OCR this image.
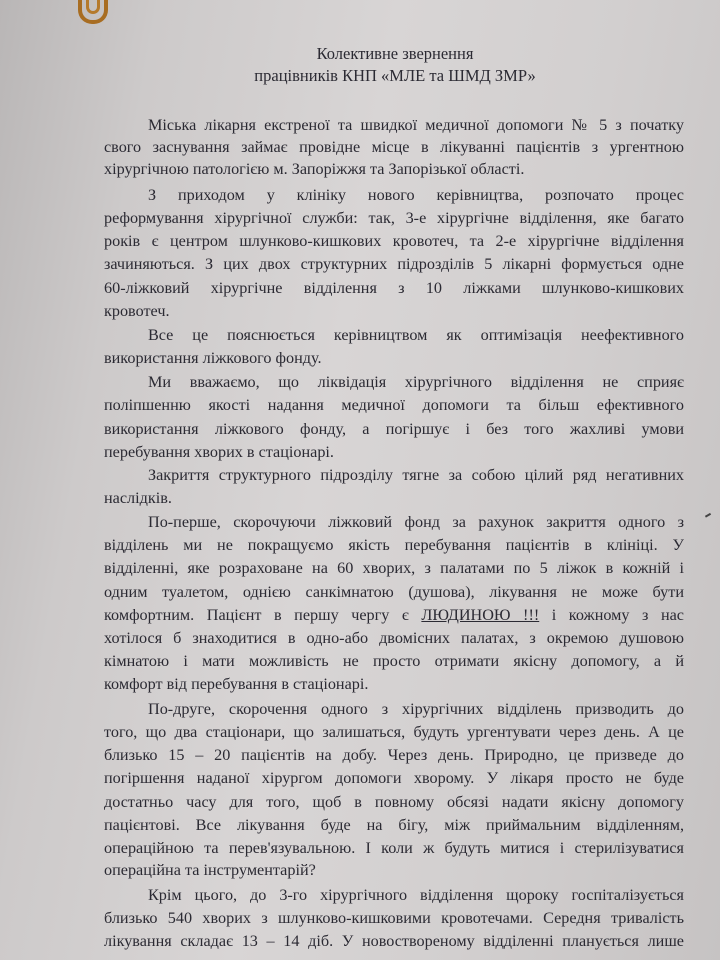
Колективне звернення
працівників КНП «МЛЕ та ШМД ЗМР»
Міська лікарня екстреної та швидкої медичної допомоги № 5 з початку
свого заснування займає провідне місце в лікуванні пацієнтів з ургентною
хірургічною патологією м. Запоріжжя та Запорізької області.
З приходом у клініку нового керівництва, розпочато процес
реформування хірургічної служби: так, 3-е хірургічне відділення, яке багато
років є центром шлунково-кишкових кровотеч, та 2-е хірургічне відділення
зачиняються. З цих двох структурних підрозділів 5 лікарні формується одне
60-ліжковий хірургічне відділення з 10 ліжками шлунково-кишкових
кровотеч.
Все це пояснюється керівництвом як оптимізація неефективного
використання ліжкового фонду.
Ми вважаємо, що ліквідація хірургічного відділення не сприяє
поліпшенню якості надання медичної допомоги та більш ефективного
використання ліжкового фонду, а погіршує і без того жахливі умови
перебування хворих в стаціонарі.
Закриття структурного підрозділу тягне за собою цілий ряд негативних
наслідків.
По-перше, скорочуючи ліжковий фонд за рахунок закриття одного з
відділень ми не покращуємо якість перебування пацієнтів в клініці. У
відділенні, яке розраховане на 60 хворих, з палатами по 5 ліжок в кожній і
одним туалетом, однією санкімнатою (душова), лікування не може бути
комфортним. Пацієнт в першу чергу є ЛЮДИНОЮ !!! і кожному з нас
хотілося б знаходитися в одно-або двомісних палатах, з окремою душовою
кімнатою і мати можливість не просто отримати якісну допомогу, а й
комфорт від перебування в стаціонарі.
По-друге, скорочення одного з хірургічних відділень призводить до
того, що два стаціонари, що залишаться, будуть ургентувати через день. А це
близько 15 – 20 пацієнтів на добу. Через день. Природно, це призведе до
погіршення наданої хірургом допомоги хворому. У лікаря просто не буде
достатньо часу для того, щоб в повному обсязі надати якісну допомогу
пацієнтові. Все лікування буде на бігу, між приймальним відділенням,
операційною та перев'язувальною. І коли ж будуть митися і стерилізуватися
операційна та інструментарій?
Крім цього, до 3-го хірургічного відділення щороку госпіталізується
близько 540 хворих з шлунково-кишковими кровотечами. Середня тривалість
лікування складає 13 – 14 діб. У новоствореному відділенні планується лише
